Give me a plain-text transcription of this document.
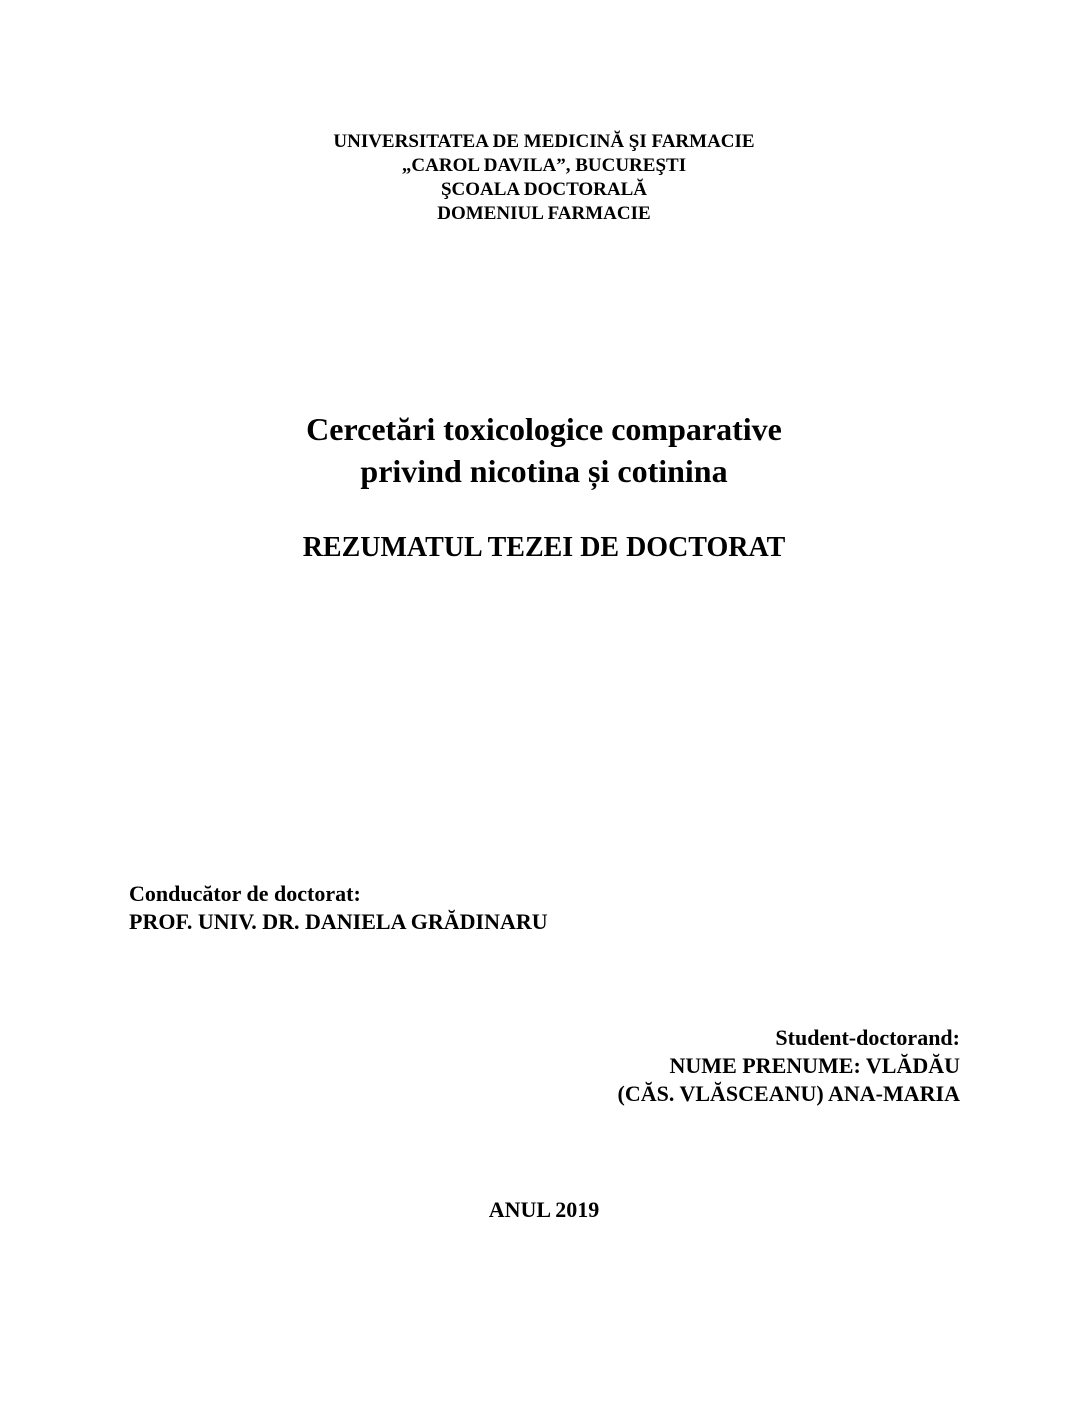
UNIVERSITATEA DE MEDICINĂ ŞI FARMACIE
„CAROL DAVILA”, BUCUREŞTI
ŞCOALA DOCTORALĂ
DOMENIUL FARMACIE
Cercetări toxicologice comparative
privind nicotina și cotinina
REZUMATUL TEZEI DE DOCTORAT
Conducător de doctorat:
PROF. UNIV. DR. DANIELA GRĂDINARU
Student-doctorand:
NUME PRENUME: VLĂDĂU
(CĂS. VLĂSCEANU) ANA-MARIA
ANUL 2019
